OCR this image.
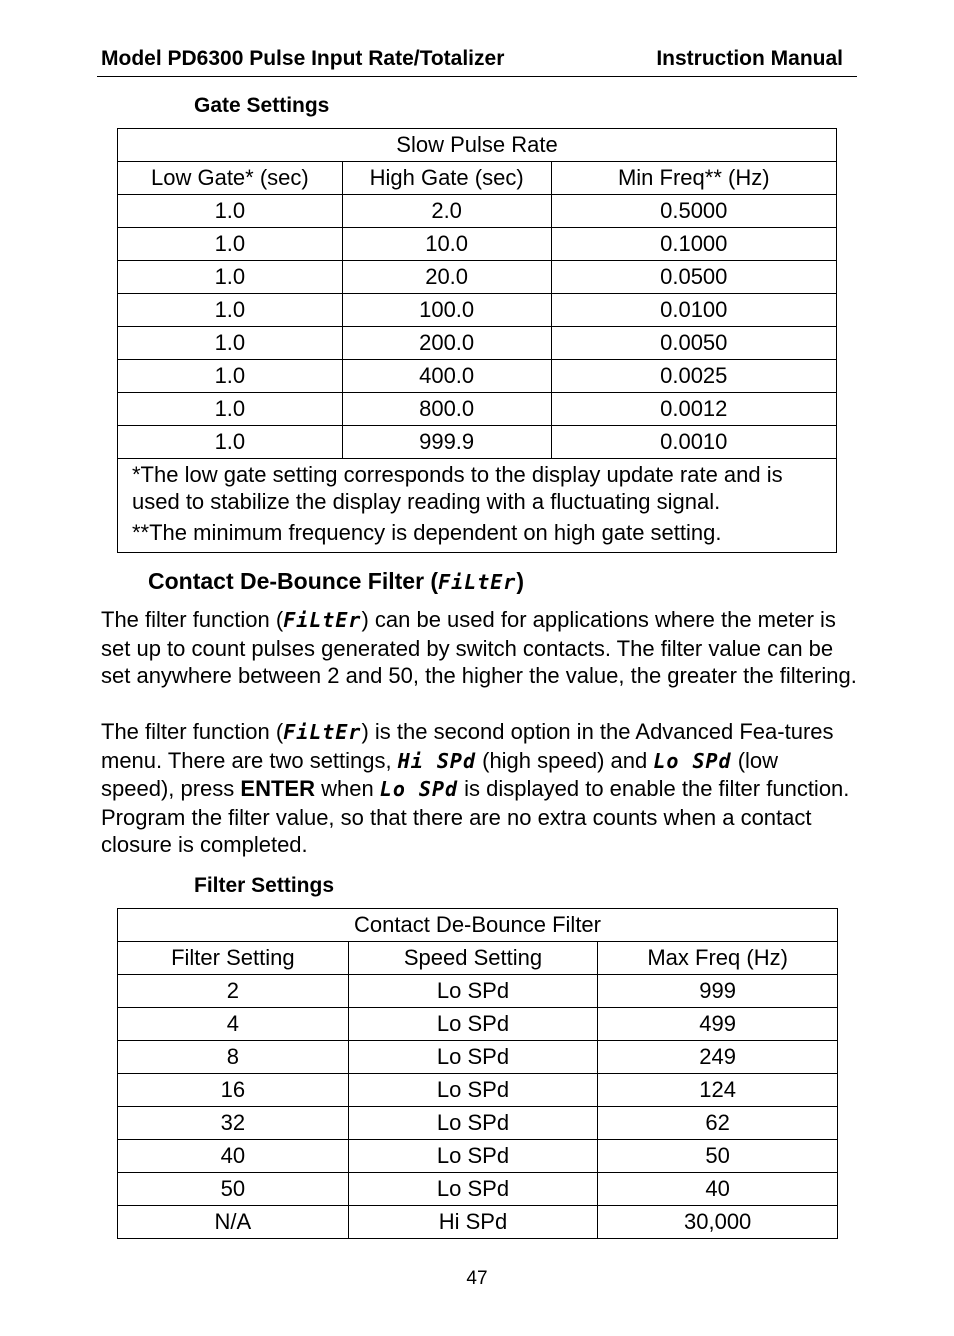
Model PD6300 Pulse Input Rate/Totalizer	Instruction Manual
Gate Settings
Slow Pulse Rate		
Low Gate* (sec)	High Gate (sec)	Min Freq** (Hz)
1.0	2.0	0.5000
1.0	10.0	0.1000
1.0	20.0	0.0500
1.0	100.0	0.0100
1.0	200.0	0.0050
1.0	400.0	0.0025
1.0	800.0	0.0012
1.0	999.9	0.0010

*The low gate setting corresponds to the display update rate and is used to stabilize the display reading with a fluctuating signal.

**The minimum frequency is dependent on high gate setting.		

Contact De-Bounce Filter (FiLtEr)
The filter function (FiLtEr) can be used for applications where the meter is set up to count pulses generated by switch contacts. The filter value can be set anywhere between 2 and 50, the higher the value, the greater the filtering.
The filter function (FiLtEr) is the second option in the Advanced Fea-tures menu. There are two settings, Hi SPd (high speed) and Lo SPd (low speed), press ENTER when Lo SPd is displayed to enable the filter function. Program the filter value, so that there are no extra counts when a contact closure is completed.
Filter Settings
Contact De-Bounce Filter		
Filter Setting	Speed Setting	Max Freq (Hz)
2	Lo SPd	999
4	Lo SPd	499
8	Lo SPd	249
16	Lo SPd	124
32	Lo SPd	62
40	Lo SPd	50
50	Lo SPd	40
N/A	Hi SPd	30,000
47
